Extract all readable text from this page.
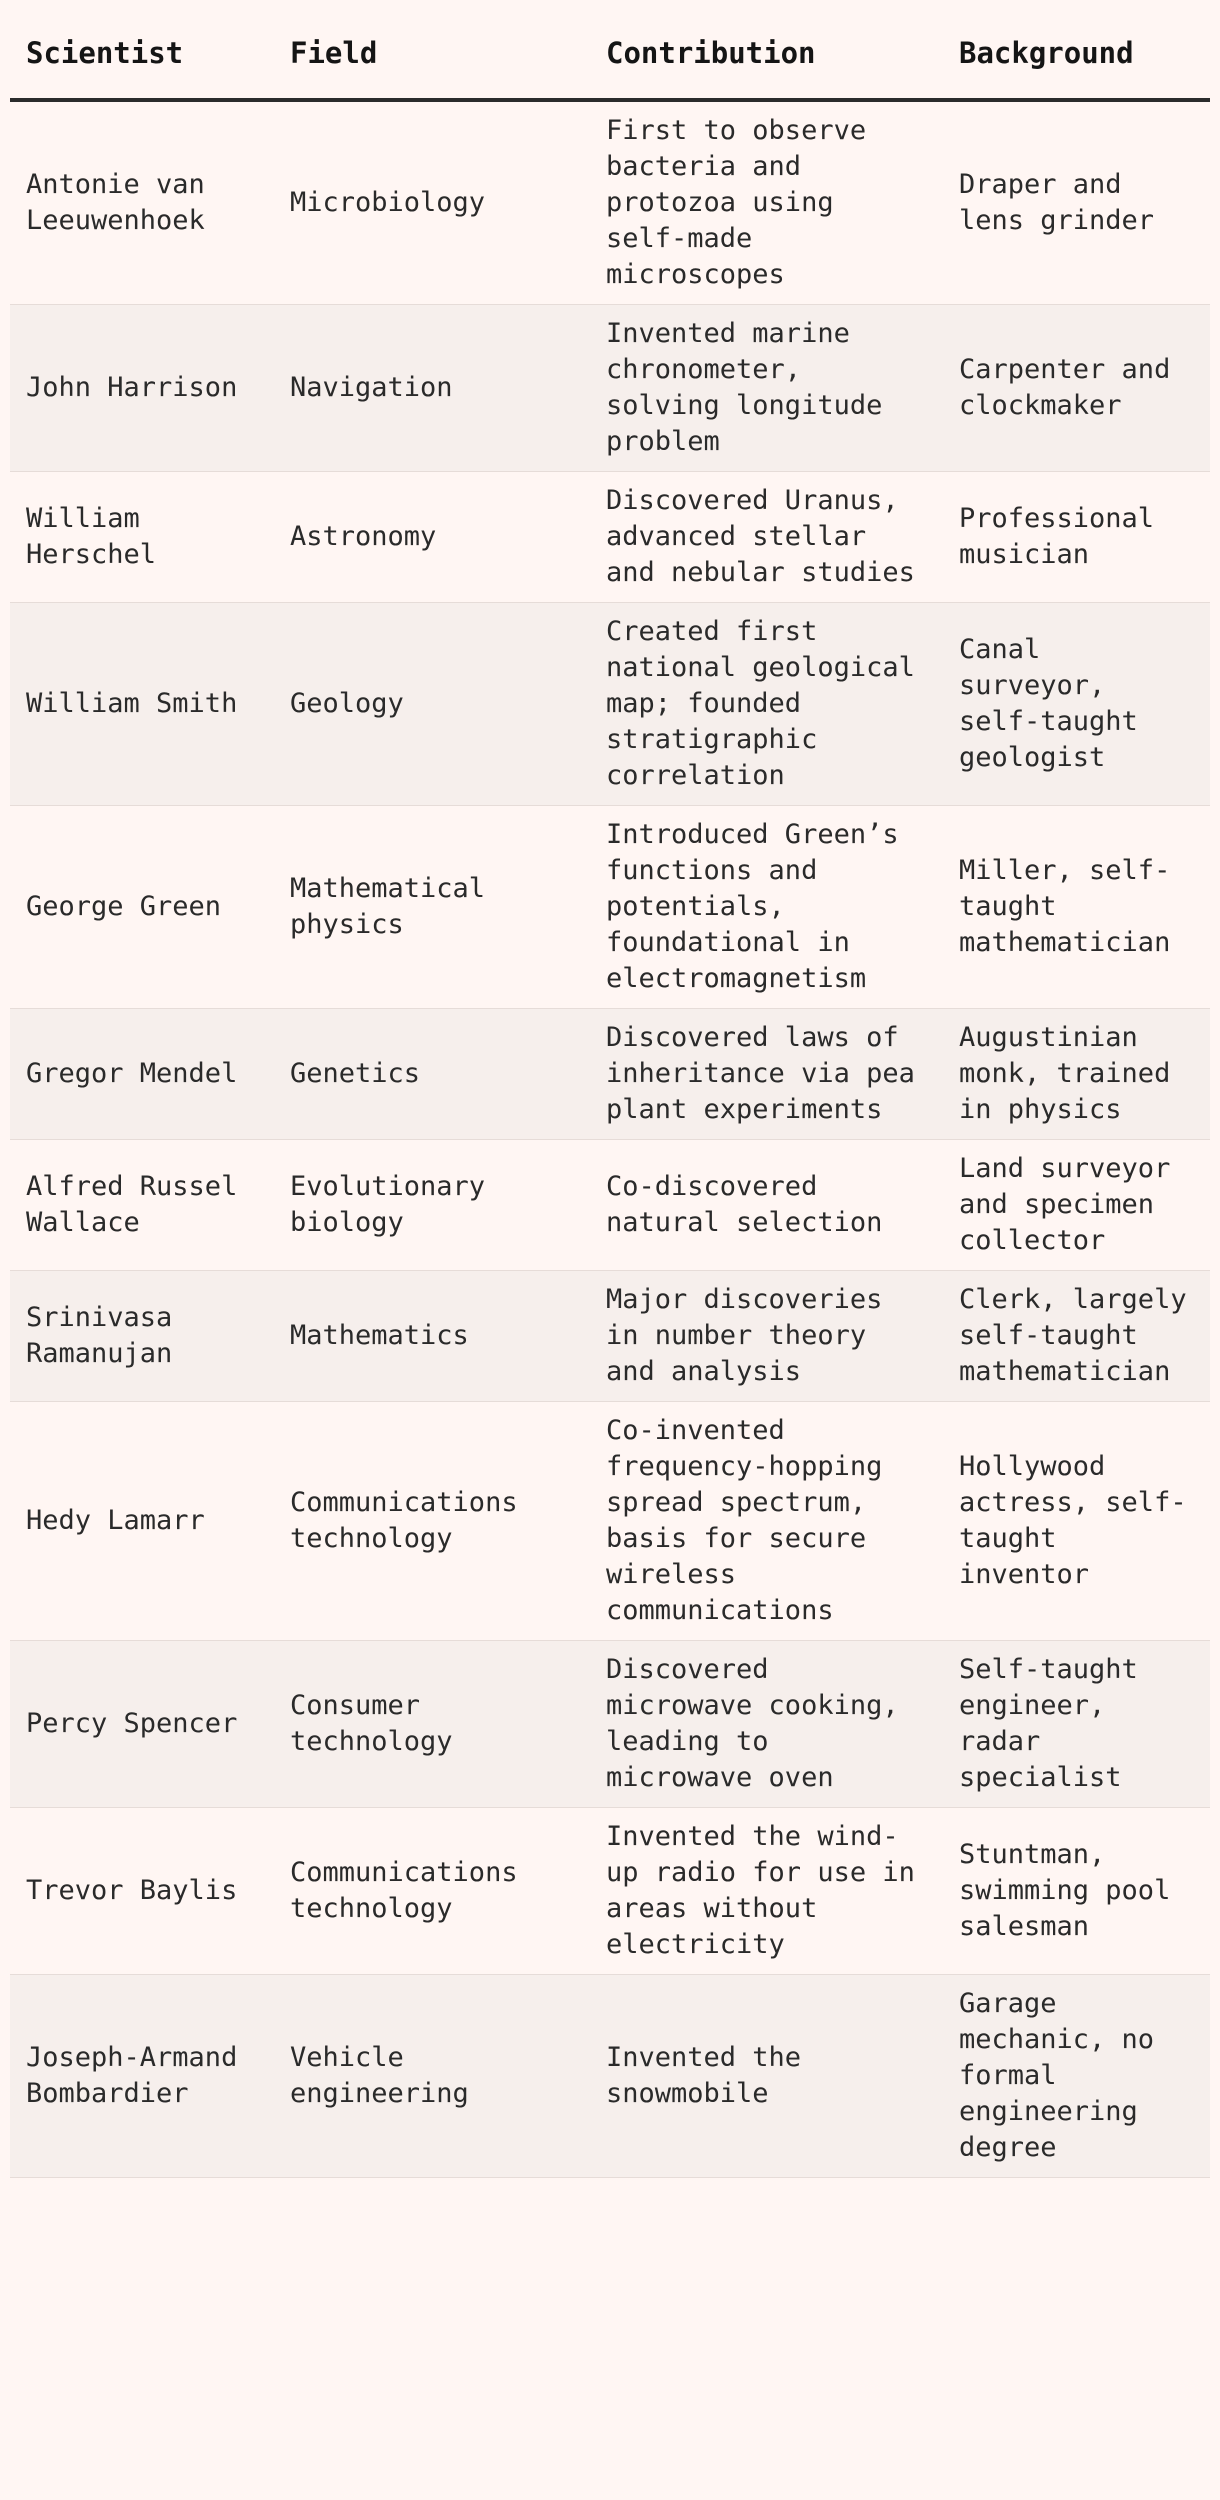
Scientist	Field	Contribution	Background
Antonie van Leeuwenhoek	Microbiology	First to observe bacteria and protozoa using self-made microscopes	Draper and lens grinder
John Harrison	Navigation	Invented marine chronometer, solving longitude problem	Carpenter and clockmaker
William Herschel	Astronomy	Discovered Uranus, advanced stellar and nebular studies	Professional musician
William Smith	Geology	Created first national geological map; founded stratigraphic correlation	Canal surveyor, self-taught geologist
George Green	Mathematical physics	Introduced Green’s functions and potentials, foundational in electromagnetism	Miller, self-taught mathematician
Gregor Mendel	Genetics	Discovered laws of inheritance via pea plant experiments	Augustinian monk, trained in physics
Alfred Russel Wallace	Evolutionary biology	Co-discovered natural selection	Land surveyor and specimen collector
Srinivasa Ramanujan	Mathematics	Major discoveries in number theory and analysis	Clerk, largely self-taught mathematician
Hedy Lamarr	Communications technology	Co-invented frequency-hopping spread spectrum, basis for secure wireless communications	Hollywood actress, self-taught inventor
Percy Spencer	Consumer technology	Discovered microwave cooking, leading to microwave oven	Self-taught engineer, radar specialist
Trevor Baylis	Communications technology	Invented the wind-up radio for use in areas without electricity	Stuntman, swimming pool salesman
Joseph-Armand Bombardier	Vehicle engineering	Invented the snowmobile	Garage mechanic, no formal engineering degree
